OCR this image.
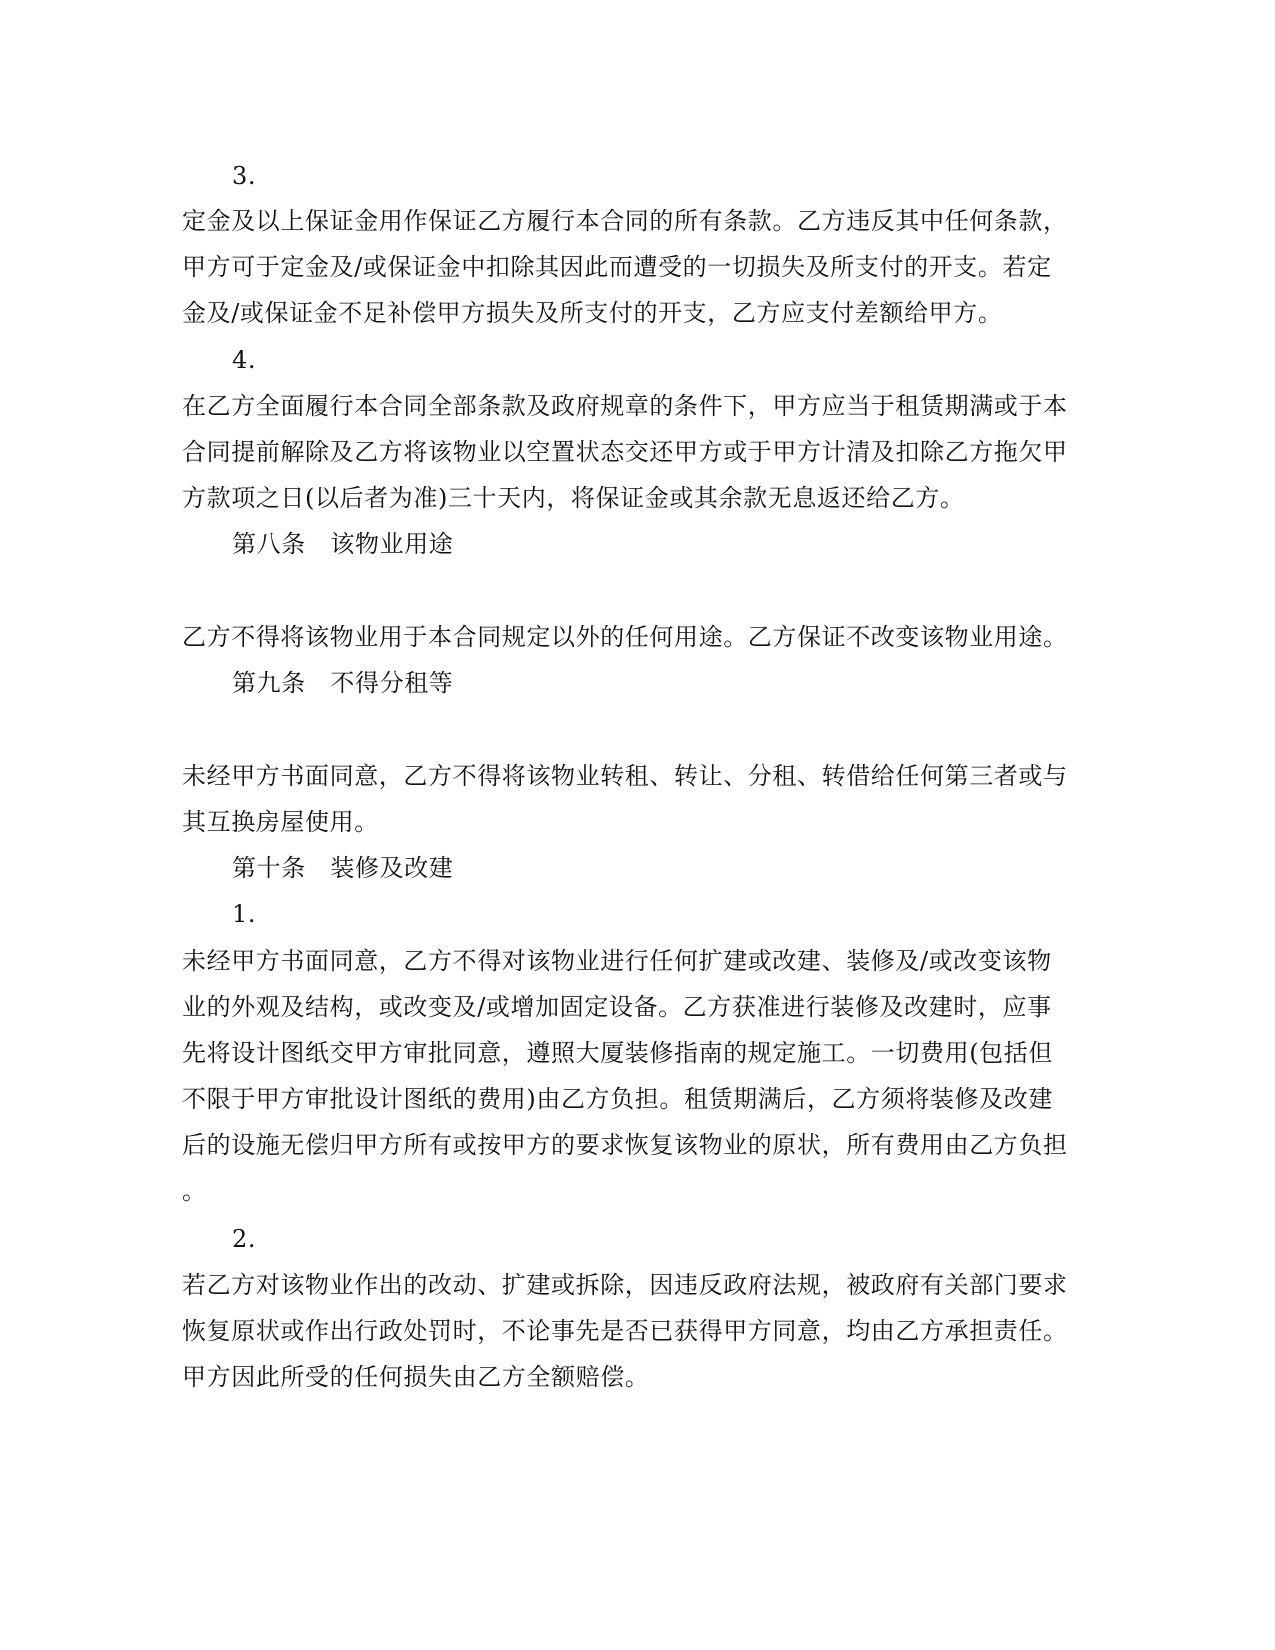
3.
定金及以上保证金用作保证乙方履行本合同的所有条款。乙方违反其中任何条款，
甲方可于定金及/或保证金中扣除其因此而遭受的一切损失及所支付的开支。若定
金及/或保证金不足补偿甲方损失及所支付的开支，乙方应支付差额给甲方。
4.
在乙方全面履行本合同全部条款及政府规章的条件下，甲方应当于租赁期满或于本
合同提前解除及乙方将该物业以空置状态交还甲方或于甲方计清及扣除乙方拖欠甲
方款项之日(以后者为准)三十天内，将保证金或其余款无息返还给乙方。
第八条　该物业用途
乙方不得将该物业用于本合同规定以外的任何用途。乙方保证不改变该物业用途。
第九条　不得分租等
未经甲方书面同意，乙方不得将该物业转租、转让、分租、转借给任何第三者或与
其互换房屋使用。
第十条　装修及改建
1.
未经甲方书面同意，乙方不得对该物业进行任何扩建或改建、装修及/或改变该物
业的外观及结构，或改变及/或增加固定设备。乙方获准进行装修及改建时，应事
先将设计图纸交甲方审批同意，遵照大厦装修指南的规定施工。一切费用(包括但
不限于甲方审批设计图纸的费用)由乙方负担。租赁期满后，乙方须将装修及改建
后的设施无偿归甲方所有或按甲方的要求恢复该物业的原状，所有费用由乙方负担
。
2.
若乙方对该物业作出的改动、扩建或拆除，因违反政府法规，被政府有关部门要求
恢复原状或作出行政处罚时，不论事先是否已获得甲方同意，均由乙方承担责任。
甲方因此所受的任何损失由乙方全额赔偿。
